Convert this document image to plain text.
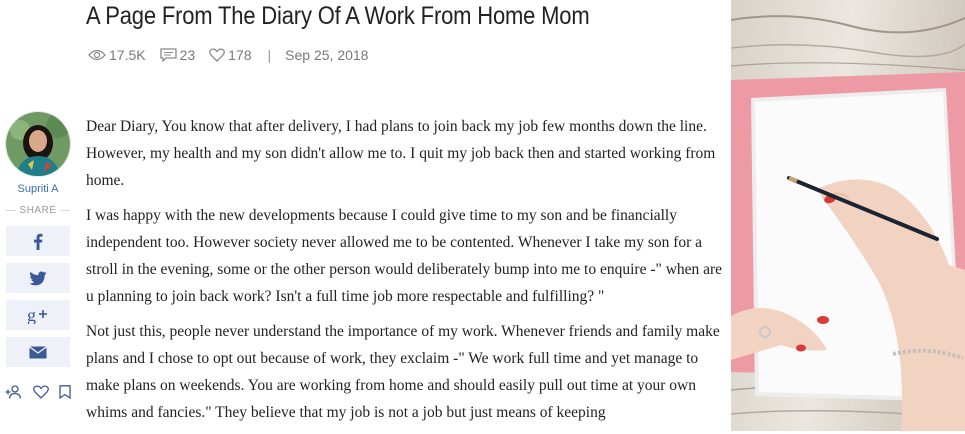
A Page From The Diary Of A Work From Home Mom
17.5K 23 178 | Sep 25, 2018
Supriti A
SHARE
g

Dear Diary, You know that after delivery, I had plans to join back my job few months down the line. However, my health and my son didn't allow me to. I quit my job back then and started working from home.

I was happy with the new developments because I could give time to my son and be financially independent too. However society never allowed me to be contented. Whenever I take my son for a stroll in the evening, some or the other person would deliberately bump into me to enquire -" when are u planning to join back work? Isn't a full time job more respectable and fulfilling? "

Not just this, people never understand the importance of my work. Whenever friends and family make plans and I chose to opt out because of work, they exclaim -" We work full time and yet manage to make plans on weekends. You are working from home and should easily pull out time at your own whims and fancies." They believe that my job is not a job but just means of keeping
